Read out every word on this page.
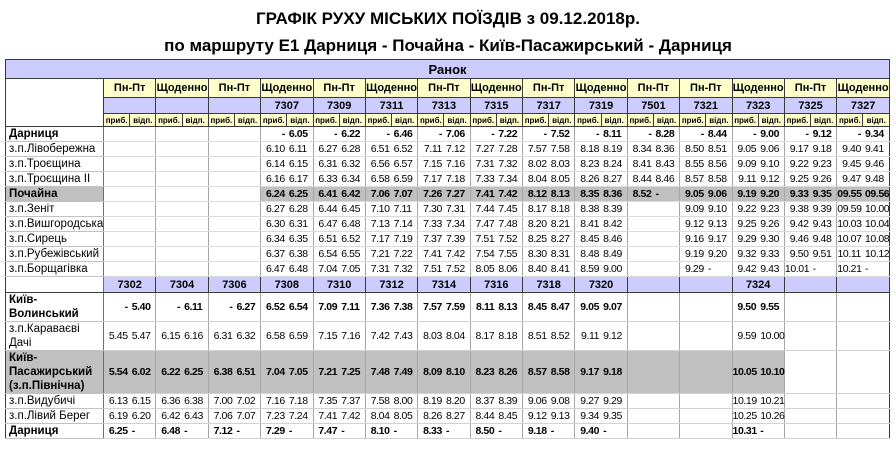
ГРАФІК РУХУ МІСЬКИХ ПОЇЗДІВ з 09.12.2018р.
по маршруту Е1 Дарниця - Почайна - Київ-Пасажирський - Дарниця
Ранок																														
	Пн-Пт		Щоденно		Пн-Пт		Щоденно		Пн-Пт		Щоденно		Пн-Пт		Щоденно		Пн-Пт		Щоденно		Пн-Пт		Пн-Пт		Щоденно		Пн-Пт		Щоденно	
							7307		7309		7311		7313		7315		7317		7319		7501		7321		7323		7325		7327	
	приб.	відп.	приб.	відп.	приб.	відп.	приб.	відп.	приб.	відп.	приб.	відп.	приб.	відп.	приб.	відп.	приб.	відп.	приб.	відп.	приб.	відп.	приб.	відп.	приб.	відп.	приб.	відп.	приб.	відп.
Дарниця							-	6.05	-	6.22	-	6.46	-	7.06	-	7.22	-	7.52	-	8.11	-	8.28	-	8.44	-	9.00	-	9.12	-	9.34
з.п.Лівобережна							6.10	6.11	6.27	6.28	6.51	6.52	7.11	7.12	7.27	7.28	7.57	7.58	8.18	8.19	8.34	8.36	8.50	8.51	9.05	9.06	9.17	9.18	9.40	9.41
з.п.Троєщина							6.14	6.15	6.31	6.32	6.56	6.57	7.15	7.16	7.31	7.32	8.02	8.03	8.23	8.24	8.41	8.43	8.55	8.56	9.09	9.10	9.22	9.23	9.45	9.46
з.п.Троєщина II							6.16	6.17	6.33	6.34	6.58	6.59	7.17	7.18	7.33	7.34	8.04	8.05	8.26	8.27	8.44	8.46	8.57	8.58	9.11	9.12	9.25	9.26	9.47	9.48
Почайна							6.24	6.25	6.41	6.42	7.06	7.07	7.26	7.27	7.41	7.42	8.12	8.13	8.35	8.36	8.52	-	9.05	9.06	9.19	9.20	9.33	9.35	09.55	09.56
з.п.Зеніт							6.27	6.28	6.44	6.45	7.10	7.11	7.30	7.31	7.44	7.45	8.17	8.18	8.38	8.39			9.09	9.10	9.22	9.23	9.38	9.39	09.59	10.00
з.п.Вишгородська							6.30	6.31	6.47	6.48	7.13	7.14	7.33	7.34	7.47	7.48	8.20	8.21	8.41	8.42			9.12	9.13	9.25	9.26	9.42	9.43	10.03	10.04
з.п.Сирець							6.34	6.35	6.51	6.52	7.17	7.19	7.37	7.39	7.51	7.52	8.25	8.27	8.45	8.46			9.16	9.17	9.29	9.30	9.46	9.48	10.07	10.08
з.п.Рубежівський							6.37	6.38	6.54	6.55	7.21	7.22	7.41	7.42	7.54	7.55	8.30	8.31	8.48	8.49			9.19	9.20	9.32	9.33	9.50	9.51	10.11	10.12
з.п.Борщагівка							6.47	6.48	7.04	7.05	7.31	7.32	7.51	7.52	8.05	8.06	8.40	8.41	8.59	9.00			9.29	-	9.42	9.43	10.01	-	10.21	-
	7302		7304		7306		7308		7310		7312		7314		7316		7318		7320						7324					
Київ-Волинський	-	5.40	-	6.11	-	6.27	6.52	6.54	7.09	7.11	7.36	7.38	7.57	7.59	8.11	8.13	8.45	8.47	9.05	9.07					9.50	9.55				
з.п.Караваєві Дачі	5.45	5.47	6.15	6.16	6.31	6.32	6.58	6.59	7.15	7.16	7.42	7.43	8.03	8.04	8.17	8.18	8.51	8.52	9.11	9.12					9.59	10.00				
Київ-Пасажирський (з.п.Північна)	5.54	6.02	6.22	6.25	6.38	6.51	7.04	7.05	7.21	7.25	7.48	7.49	8.09	8.10	8.23	8.26	8.57	8.58	9.17	9.18					10.05	10.10				
з.п.Видубичі	6.13	6.15	6.36	6.38	7.00	7.02	7.16	7.18	7.35	7.37	7.58	8.00	8.19	8.20	8.37	8.39	9.06	9.08	9.27	9.29					10.19	10.21				
з.п.Лівий Берег	6.19	6.20	6.42	6.43	7.06	7.07	7.23	7.24	7.41	7.42	8.04	8.05	8.26	8.27	8.44	8.45	9.12	9.13	9.34	9.35					10.25	10.26				
Дарниця	6.25	-	6.48	-	7.12	-	7.29	-	7.47	-	8.10	-	8.33	-	8.50	-	9.18	-	9.40	-					10.31	-				
